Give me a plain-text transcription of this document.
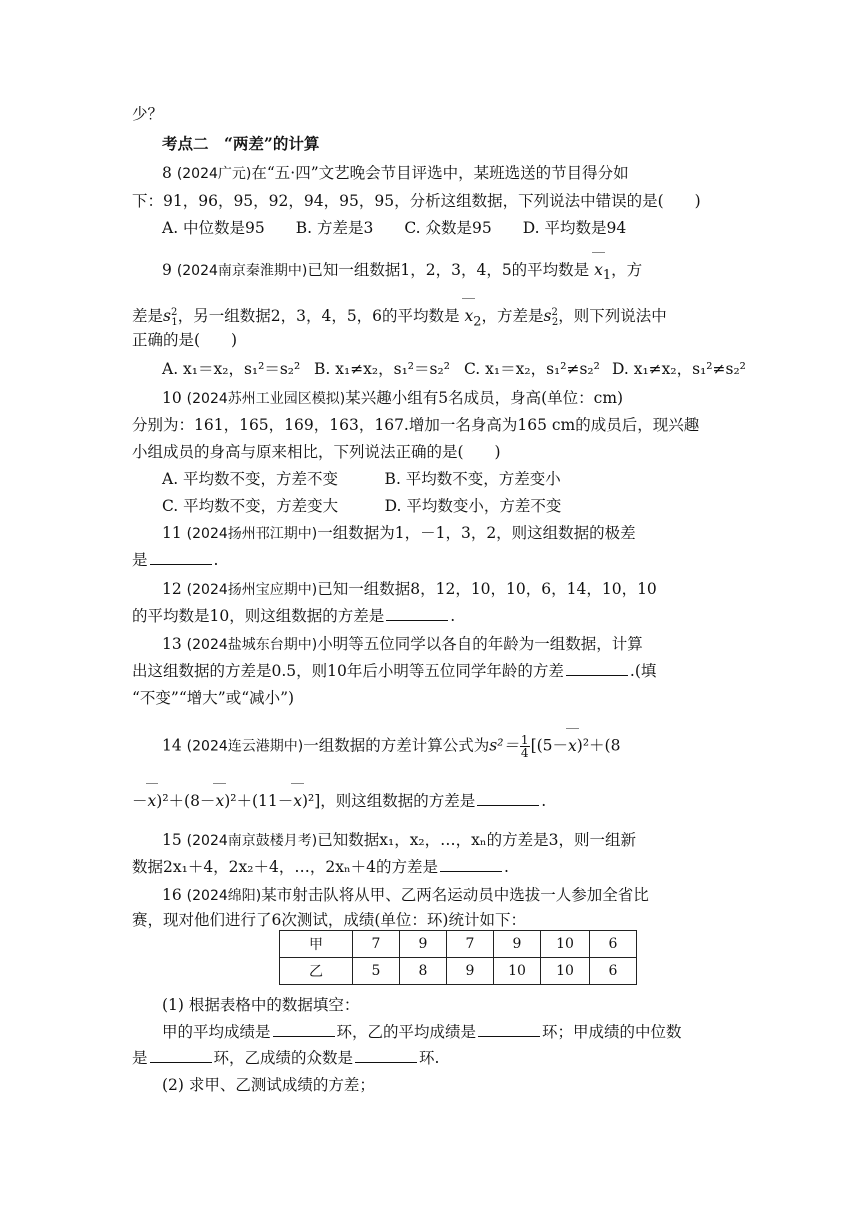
少？
考点二　“两差”的计算
8 (2024广元)在“五·四”文艺晚会节目评选中，某班选送的节目得分如
下：91，96，95，92，94，95，95，分析这组数据，下列说法中错误的是(　　)
A. 中位数是95　　B. 方差是3　　C. 众数是95　　D. 平均数是94
9 (2024南京秦淮期中)已知一组数据1，2，3，4，5的平均数是 $x_1$，方
差是$s^2_1$，另一组数据2，3，4，5，6的平均数是 $x_2$，方差是$s^2_2$，则下列说法中
正确的是(　　)
A. x₁＝x₂，s₁²＝s₂² B. x₁≠x₂，s₁²＝s₂² C. x₁＝x₂，s₁²≠s₂² D. x₁≠x₂，s₁²≠s₂²
10 (2024苏州工业园区模拟)某兴趣小组有5名成员，身高(单位：cm)
分别为：161，165，169，163，167.增加一名身高为165 cm的成员后，现兴趣
小组成员的身高与原来相比，下列说法正确的是(　　)
A. 平均数不变，方差不变　　　B. 平均数不变，方差变小
C. 平均数不变，方差变大　　　D. 平均数变小，方差不变
11 (2024扬州邗江期中)一组数据为1，－1，3，2，则这组数据的极差
是	.
12 (2024扬州宝应期中)已知一组数据8，12，10，10，6，14，10，10
的平均数是10，则这组数据的方差是	.
13 (2024盐城东台期中)小明等五位同学以各自的年龄为一组数据，计算
出这组数据的方差是0.5，则10年后小明等五位同学年龄的方差	.(填
“不变”“增大”或“减小”)
14 (2024连云港期中)一组数据的方差计算公式为$s^2= \frac{1}{4} [(5-x)^2+(8$
－x)²＋(8－x)²＋(11－x)²]，则这组数据的方差是	.
15 (2024南京鼓楼月考)已知数据x₁，x₂，…，xₙ的方差是3，则一组新
数据2x₁＋4，2x₂＋4，…，2xₙ＋4的方差是	.
16 (2024绵阳)某市射击队将从甲、乙两名运动员中选拔一人参加全省比
赛，现对他们进行了6次测试，成绩(单位：环)统计如下：
甲	7	9	7	9	10	6
乙	5	8	9	10	10	6
(1) 根据表格中的数据填空：
甲的平均成绩是	环，乙的平均成绩是	环；甲成绩的中位数
是	环，乙成绩的众数是	环.
(2) 求甲、乙测试成绩的方差；
